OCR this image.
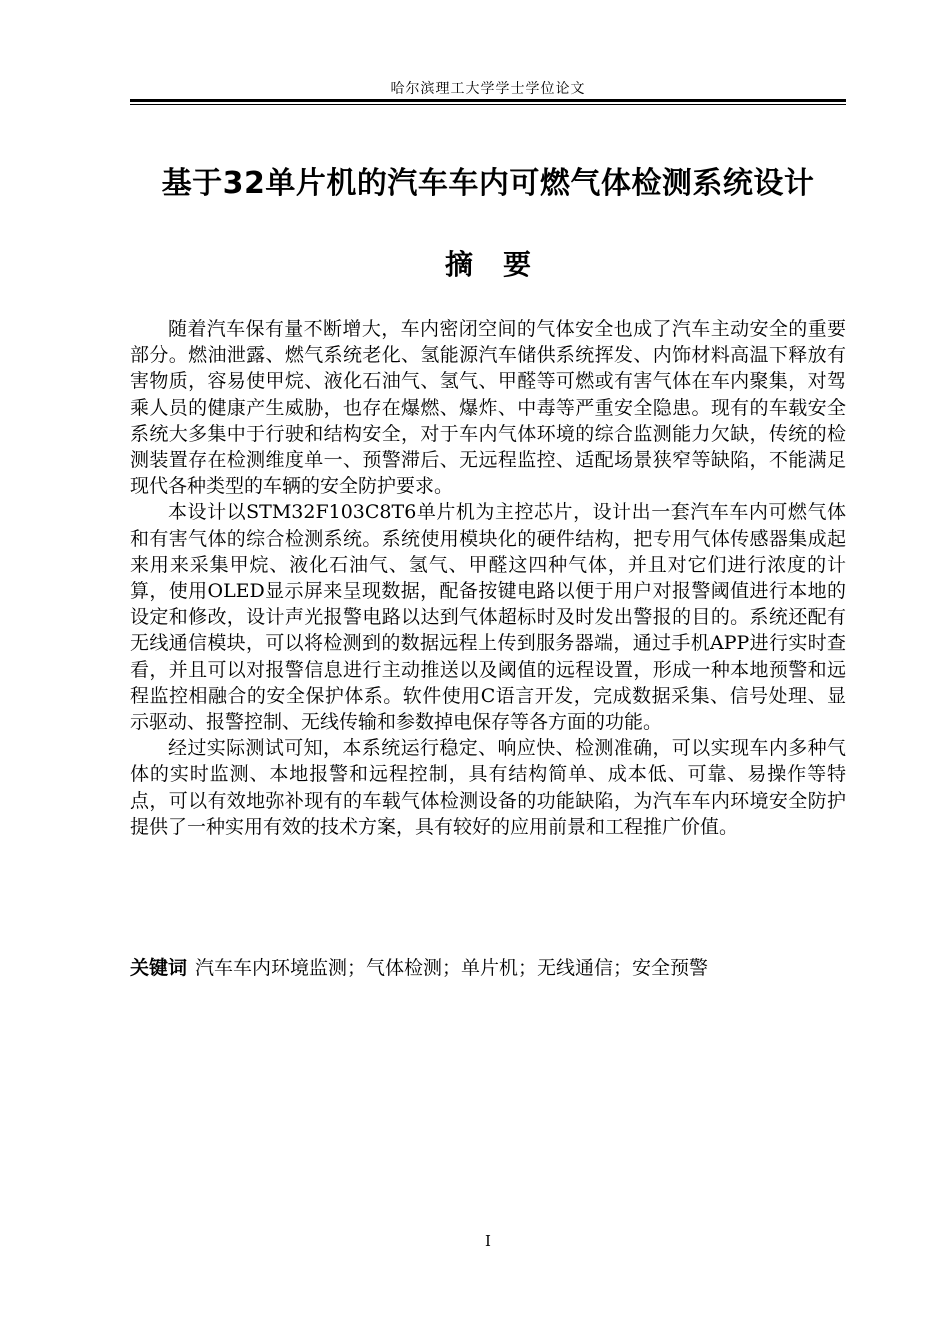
哈尔滨理工大学学士学位论文
基于32单片机的汽车车内可燃气体检测系统设计
摘要

随着汽车保有量不断增大，车内密闭空间的气体安全也成了汽车主动安全的重要部分。燃油泄露、燃气系统老化、氢能源汽车储供系统挥发、内饰材料高温下释放有害物质，容易使甲烷、液化石油气、氢气、甲醛等可燃或有害气体在车内聚集，对驾乘人员的健康产生威胁，也存在爆燃、爆炸、中毒等严重安全隐患。现有的车载安全系统大多集中于行驶和结构安全，对于车内气体环境的综合监测能力欠缺，传统的检测装置存在检测维度单一、预警滞后、无远程监控、适配场景狭窄等缺陷，不能满足现代各种类型的车辆的安全防护要求。

本设计以STM32F103C8T6单片机为主控芯片，设计出一套汽车车内可燃气体和有害气体的综合检测系统。系统使用模块化的硬件结构，把专用气体传感器集成起来用来采集甲烷、液化石油气、氢气、甲醛这四种气体，并且对它们进行浓度的计算，使用OLED显示屏来呈现数据，配备按键电路以便于用户对报警阈值进行本地的设定和修改，设计声光报警电路以达到气体超标时及时发出警报的目的。系统还配有无线通信模块，可以将检测到的数据远程上传到服务器端，通过手机APP进行实时查看，并且可以对报警信息进行主动推送以及阈值的远程设置，形成一种本地预警和远程监控相融合的安全保护体系。软件使用C语言开发，完成数据采集、信号处理、显示驱动、报警控制、无线传输和参数掉电保存等各方面的功能。

经过实际测试可知，本系统运行稳定、响应快、检测准确，可以实现车内多种气体的实时监测、本地报警和远程控制，具有结构简单、成本低、可靠、易操作等特点，可以有效地弥补现有的车载气体检测设备的功能缺陷，为汽车车内环境安全防护提供了一种实用有效的技术方案，具有较好的应用前景和工程推广价值。

关键词 汽车车内环境监测；气体检测；单片机；无线通信；安全预警
I
